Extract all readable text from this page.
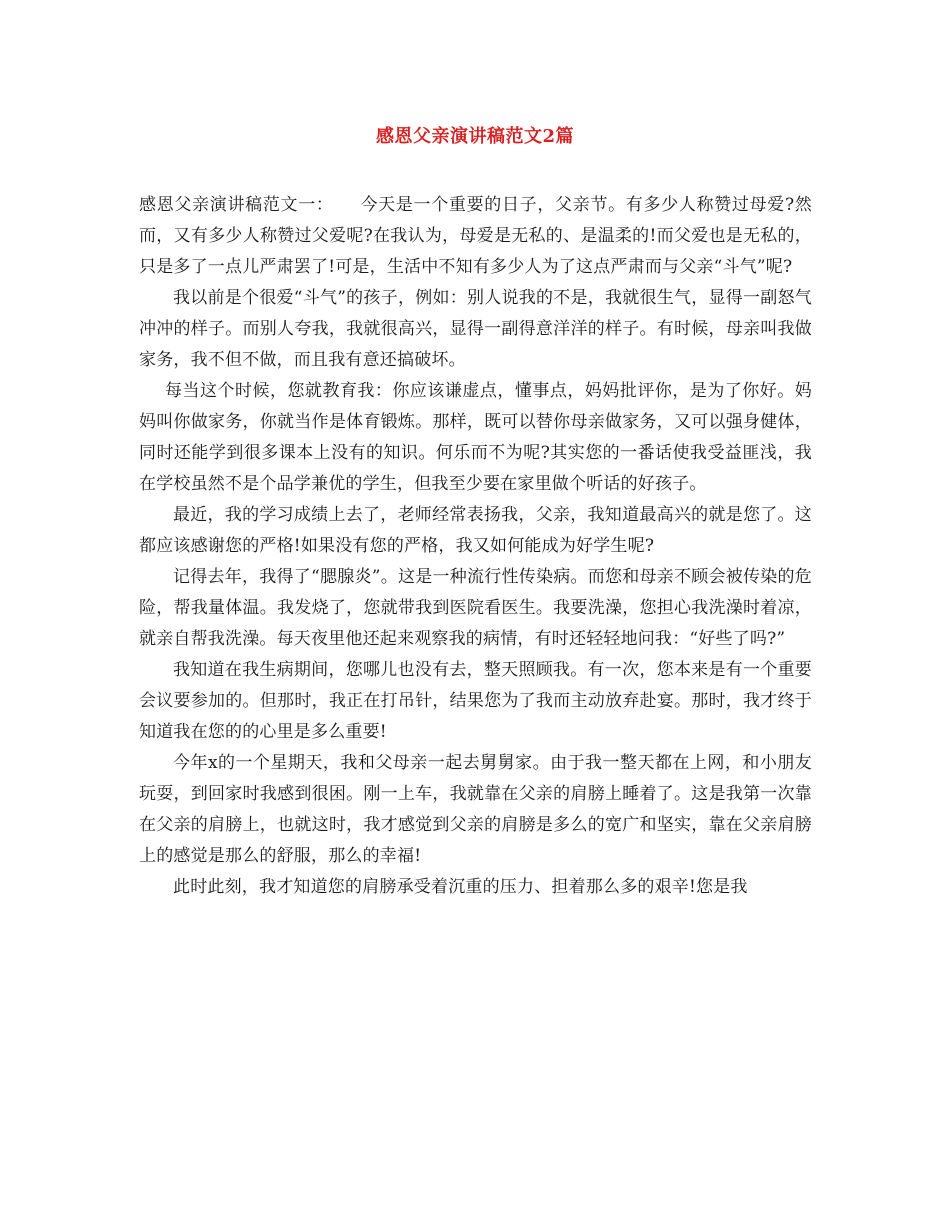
感恩父亲演讲稿范文2篇

感恩父亲演讲稿范文一：　　今天是一个重要的日子，父亲节。有多少人称赞过母爱?然而，又有多少人称赞过父爱呢?在我认为，母爱是无私的、是温柔的!而父爱也是无私的，只是多了一点儿严肃罢了!可是，生活中不知有多少人为了这点严肃而与父亲“斗气”呢?

我以前是个很爱“斗气”的孩子，例如：别人说我的不是，我就很生气，显得一副怒气冲冲的样子。而别人夸我，我就很高兴，显得一副得意洋洋的样子。有时候，母亲叫我做家务，我不但不做，而且我有意还搞破坏。

每当这个时候，您就教育我：你应该谦虚点，懂事点，妈妈批评你，是为了你好。妈妈叫你做家务，你就当作是体育锻炼。那样，既可以替你母亲做家务，又可以强身健体，同时还能学到很多课本上没有的知识。何乐而不为呢?其实您的一番话使我受益匪浅，我在学校虽然不是个品学兼优的学生，但我至少要在家里做个听话的好孩子。

最近，我的学习成绩上去了，老师经常表扬我，父亲，我知道最高兴的就是您了。这都应该感谢您的严格!如果没有您的严格，我又如何能成为好学生呢?

记得去年，我得了“腮腺炎”。这是一种流行性传染病。而您和母亲不顾会被传染的危险，帮我量体温。我发烧了，您就带我到医院看医生。我要洗澡，您担心我洗澡时着凉，就亲自帮我洗澡。每天夜里他还起来观察我的病情，有时还轻轻地问我：“好些了吗?”

我知道在我生病期间，您哪儿也没有去，整天照顾我。有一次，您本来是有一个重要会议要参加的。但那时，我正在打吊针，结果您为了我而主动放弃赴宴。那时，我才终于知道我在您的的心里是多么重要!

今年x的一个星期天，我和父母亲一起去舅舅家。由于我一整天都在上网，和小朋友玩耍，到回家时我感到很困。刚一上车，我就靠在父亲的肩膀上睡着了。这是我第一次靠在父亲的肩膀上，也就这时，我才感觉到父亲的肩膀是多么的宽广和坚实，靠在父亲肩膀上的感觉是那么的舒服，那么的幸福!

此时此刻，我才知道您的肩膀承受着沉重的压力、担着那么多的艰辛!您是我
